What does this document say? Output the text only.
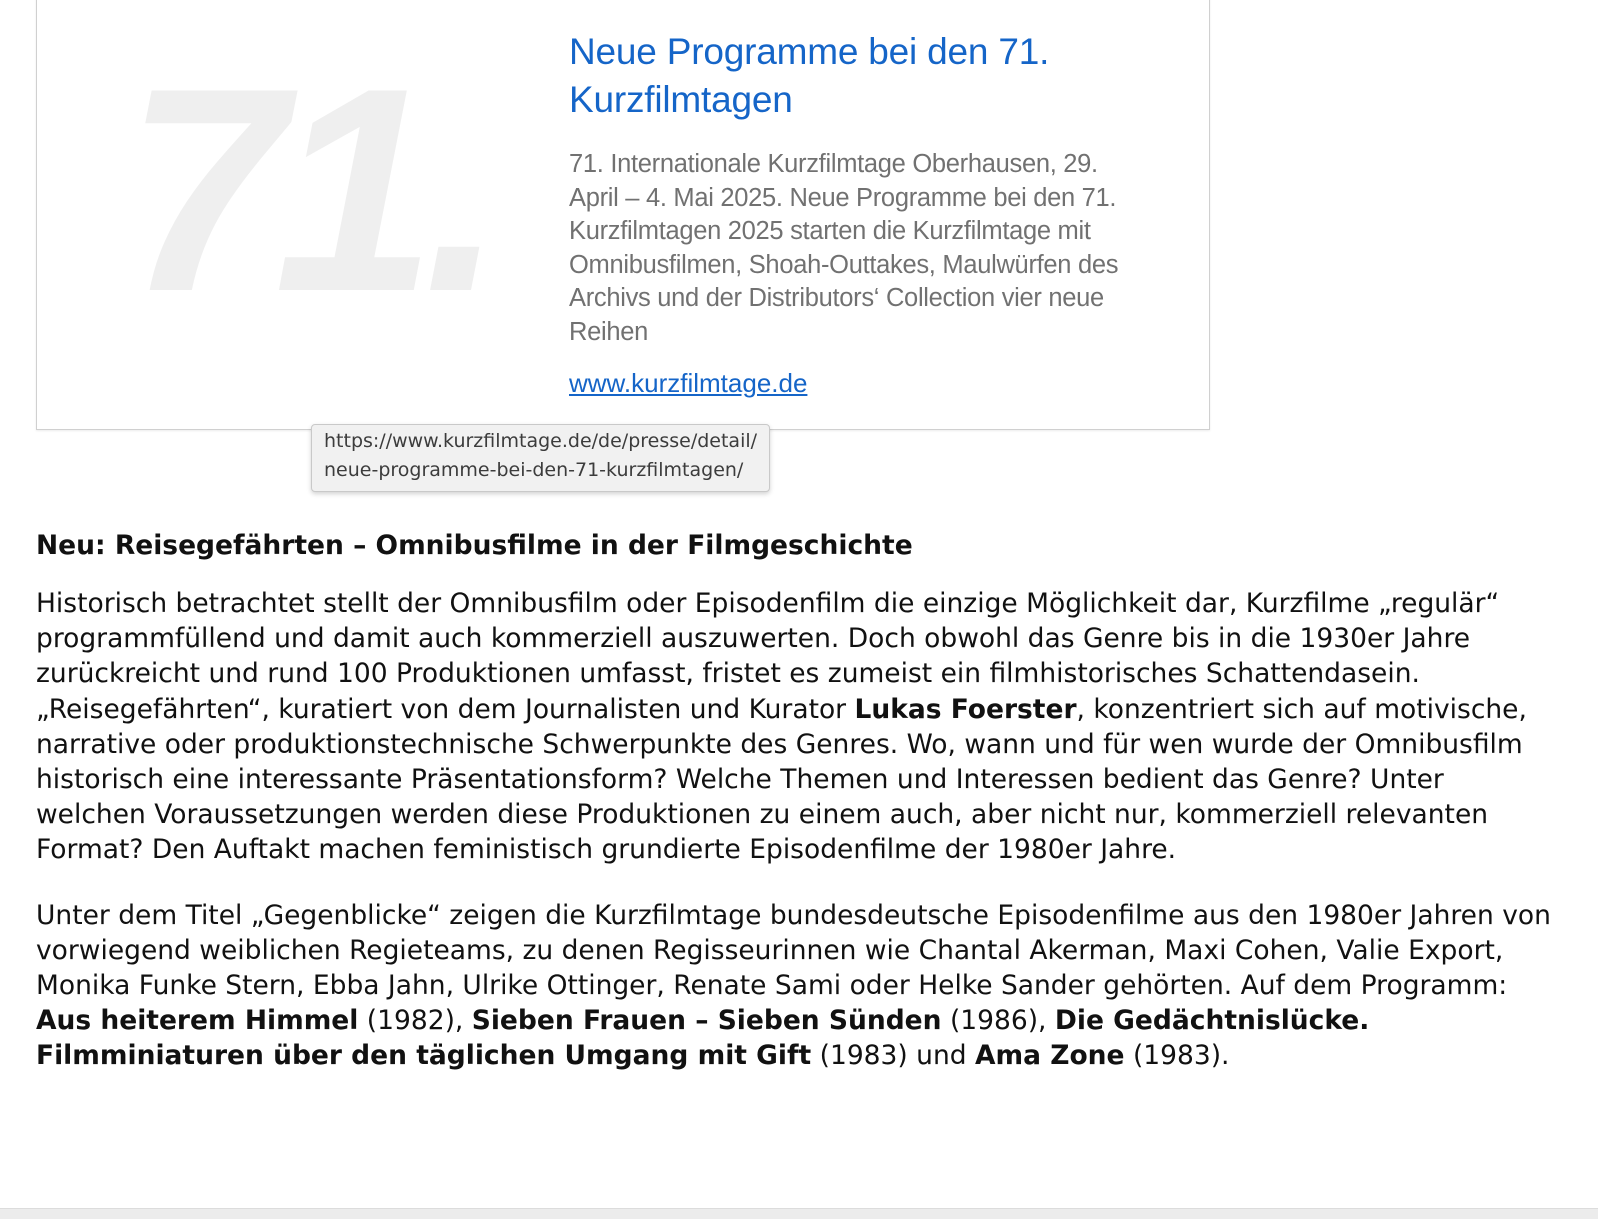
71.	Neue Programme bei den 71. Kurzfilmtagen

71. Internationale Kurzfilmtage Oberhausen, 29. April – 4. Mai 2025. Neue Programme bei den 71. Kurzfilmtagen 2025 starten die Kurzfilmtage mit Omnibusfilmen, Shoah-Outtakes, Maulwürfen des Archivs und der Distributors‘ Collection vier neue Reihen

www.kurzfilmtage.de
https://www.kurzfilmtage.de/de/presse/detail/
neue-programme-bei-den-71-kurzfilmtagen/
Neu: Reisegefährten – Omnibusfilme in der Filmgeschichte

Historisch betrachtet stellt der Omnibusfilm oder Episodenfilm die einzige Möglichkeit dar, Kurzfilme „regulär“ programmfüllend und damit auch kommerziell auszuwerten. Doch obwohl das Genre bis in die 1930er Jahre zurückreicht und rund 100 Produktionen umfasst, fristet es zumeist ein filmhistorisches Schattendasein. „Reisegefährten“, kuratiert von dem Journalisten und Kurator Lukas Foerster, konzentriert sich auf motivische, narrative oder produktionstechnische Schwerpunkte des Genres. Wo, wann und für wen wurde der Omnibusfilm historisch eine interessante Präsentationsform? Welche Themen und Interessen bedient das Genre? Unter welchen Voraussetzungen werden diese Produktionen zu einem auch, aber nicht nur, kommerziell relevanten Format? Den Auftakt machen feministisch grundierte Episodenfilme der 1980er Jahre.

Unter dem Titel „Gegenblicke“ zeigen die Kurzfilmtage bundesdeutsche Episodenfilme aus den 1980er Jahren von vorwiegend weiblichen Regieteams, zu denen Regisseurinnen wie Chantal Akerman, Maxi Cohen, Valie Export, Monika Funke Stern, Ebba Jahn, Ulrike Ottinger, Renate Sami oder Helke Sander gehörten. Auf dem Programm: Aus heiterem Himmel (1982), Sieben Frauen – Sieben Sünden (1986), Die Gedächtnislücke. Filmminiaturen über den täglichen Umgang mit Gift (1983) und Ama Zone (1983).
